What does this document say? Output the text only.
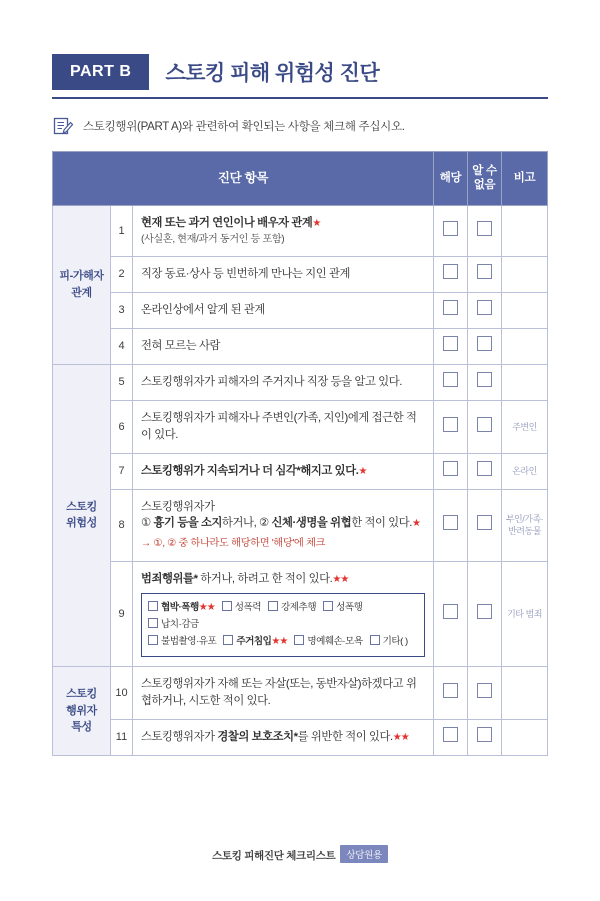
PART B	스토킹 피해 위험성 진단
스토킹행위(PART A)와 관련하여 확인되는 사항을 체크해 주십시오.
진단 항목			해당	알 수
없음	비고
피-가해자
관계	1	현재 또는 과거 연인이나 배우자 관계★
(사실혼, 현재/과거 동거인 등 포함)			

	2	직장 동료·상사 등 빈번하게 만나는 지인 관계			
	3	온라인상에서 알게 된 관계			
	4	전혀 모르는 사람			
스토킹
위험성	5	스토킹행위자가 피해자의 주거지나 직장 등을 알고 있다.			
	6	스토킹행위자가 피해자나 주변인(가족, 지인)에게 접근한 적이 있다.			주변인
	7	스토킹행위가 지속되거나 더 심각*해지고 있다.★			온라인
	8	스토킹행위자가
① 흉기 등을 소지하거나, ② 신체·생명을 위협한 적이 있다.★
→ ①, ② 중 하나라도 해당하면 '해당'에 체크			부인/가족·반려동물
	9	범죄행위를* 하거나, 하려고 한 적이 있다.★★
협박·폭행★★ 성폭력 강제추행 성폭행납치·감금
불법촬영·유포 주거침입★★ 명예훼손·모욕 기타( )			기타 범죄
스토킹
행위자
특성	10	스토킹행위자가 자해 또는 자살(또는, 동반자살)하겠다고 위협하거나, 시도한 적이 있다.			
	11	스토킹행위자가 경찰의 보호조치*를 위반한 적이 있다.★★			
스토킹 피해진단 체크리스트 상담원용
